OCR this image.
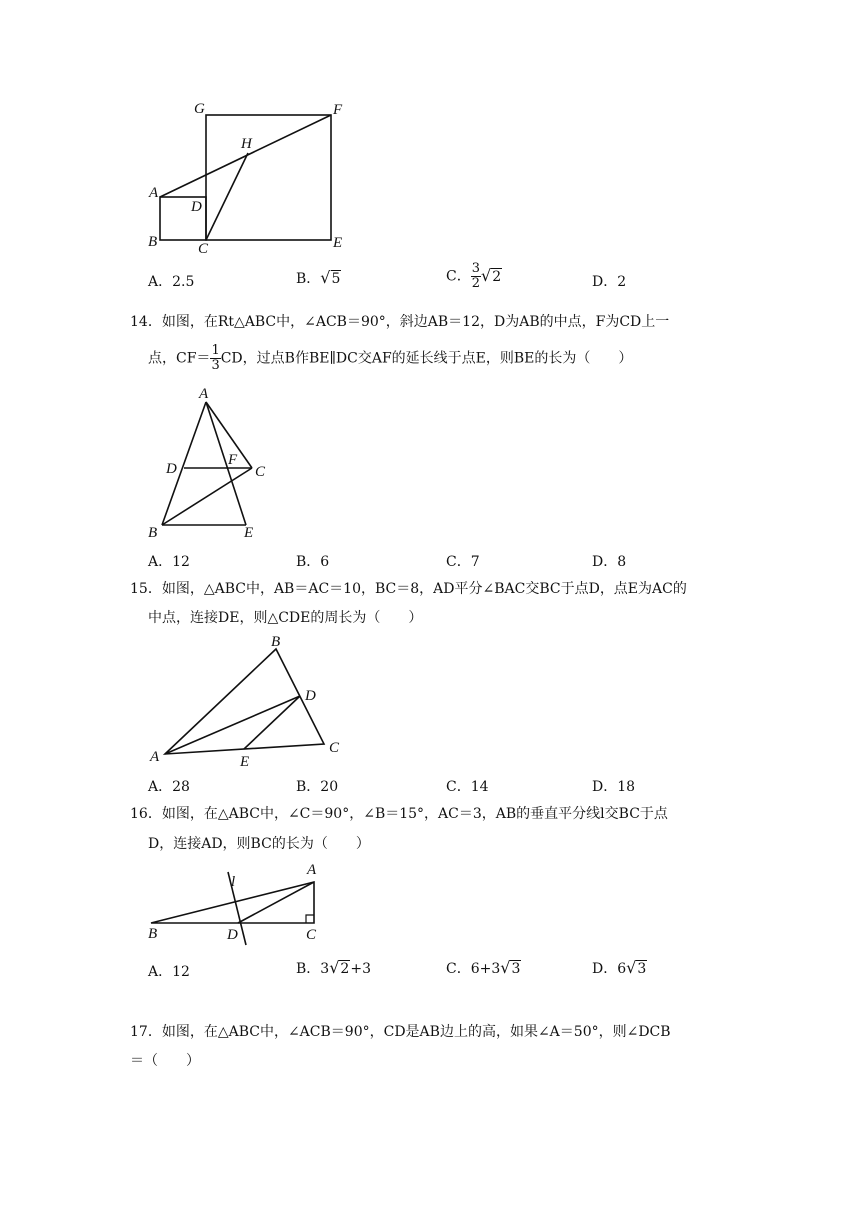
G	F
H
A
D
B	C	E
A．2.5	B．√5	C． $\frac{3}{2} √2$	D．2
14．如图，在Rt△ABC中，∠ACB＝90°，斜边AB＝12，D为AB的中点，F为CD上一
点，$CF= \frac{1}{3}$ CD，过点B作BE∥DC交AF的延长线于点E，则BE的长为（　　）
A
D
F
C
B	E
A．12	B．6	C．7	D．8
15．如图，△ABC中，AB＝AC＝10，BC＝8，AD平分∠BAC交BC于点D，点E为AC的
中点，连接DE，则△CDE的周长为（　　）
B
D
A	E
C
A．28	B．20	C．14	D．18
16．如图，在△ABC中，∠C＝90°，∠B＝15°，AC＝3，AB的垂直平分线l交BC于点
D，连接AD，则BC的长为（　　）
l
A
B	D	C
A．12	B．3√2+3	C．6+3√3	D．6√3
17．如图，在△ABC中，∠ACB＝90°，CD是AB边上的高，如果∠A＝50°，则∠DCB
＝（　　）
